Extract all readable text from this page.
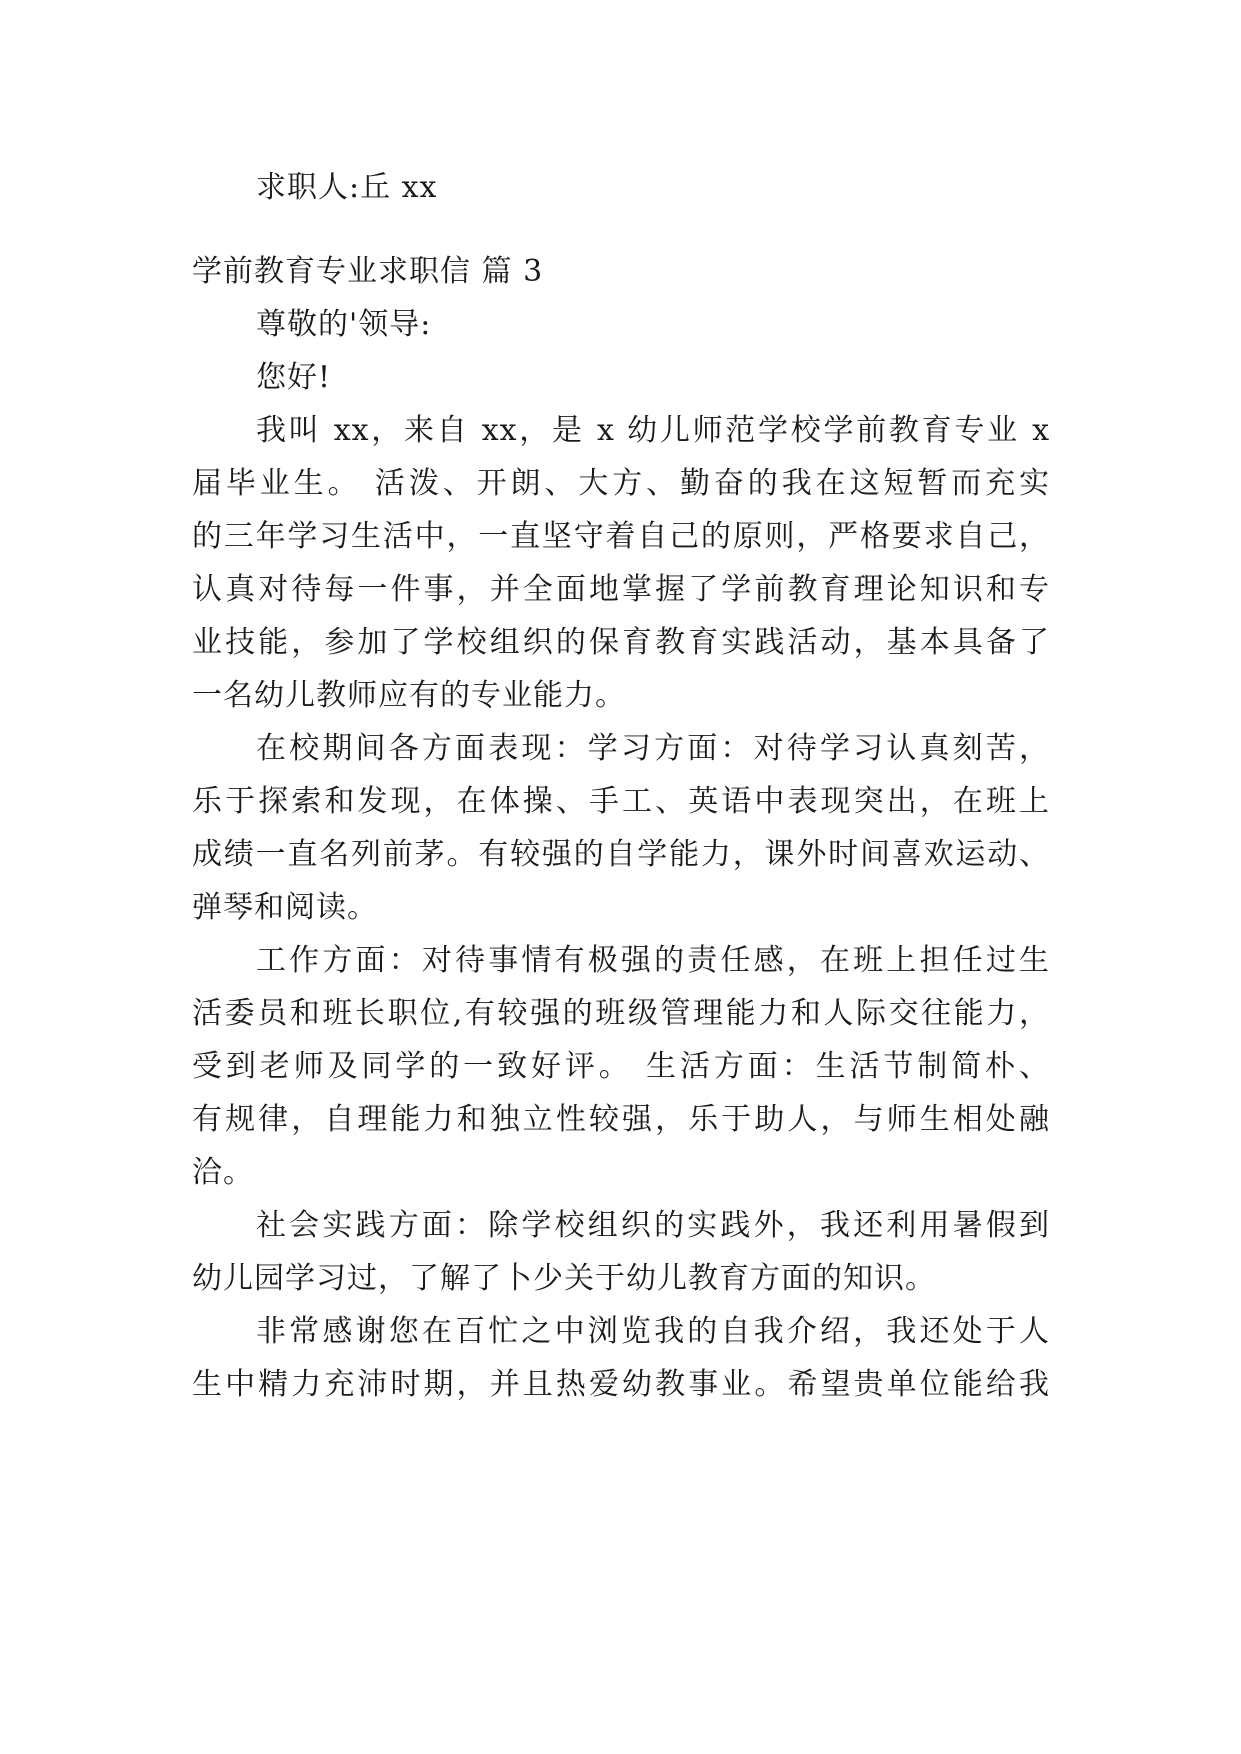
求职人:丘 xx
学前教育专业求职信 篇 3
尊敬的'领导:
您好!
我叫 xx，来自 xx，是 x 幼儿师范学校学前教育专业 x
届毕业生。 活泼、开朗、大方、勤奋的我在这短暂而充实
的三年学习生活中，一直坚守着自己的原则，严格要求自己，
认真对待每一件事，并全面地掌握了学前教育理论知识和专
业技能，参加了学校组织的保育教育实践活动，基本具备了
一名幼儿教师应有的专业能力。
在校期间各方面表现：学习方面：对待学习认真刻苦，
乐于探索和发现，在体操、手工、英语中表现突出，在班上
成绩一直名列前茅。有较强的自学能力，课外时间喜欢运动、
弹琴和阅读。
工作方面：对待事情有极强的责任感，在班上担任过生
活委员和班长职位,有较强的班级管理能力和人际交往能力，
受到老师及同学的一致好评。 生活方面：生活节制简朴、
有规律，自理能力和独立性较强，乐于助人，与师生相处融
洽。
社会实践方面：除学校组织的实践外，我还利用暑假到
幼儿园学习过，了解了卜少关于幼儿教育方面的知识。
非常感谢您在百忙之中浏览我的自我介绍，我还处于人
生中精力充沛时期，并且热爱幼教事业。希望贵单位能给我
